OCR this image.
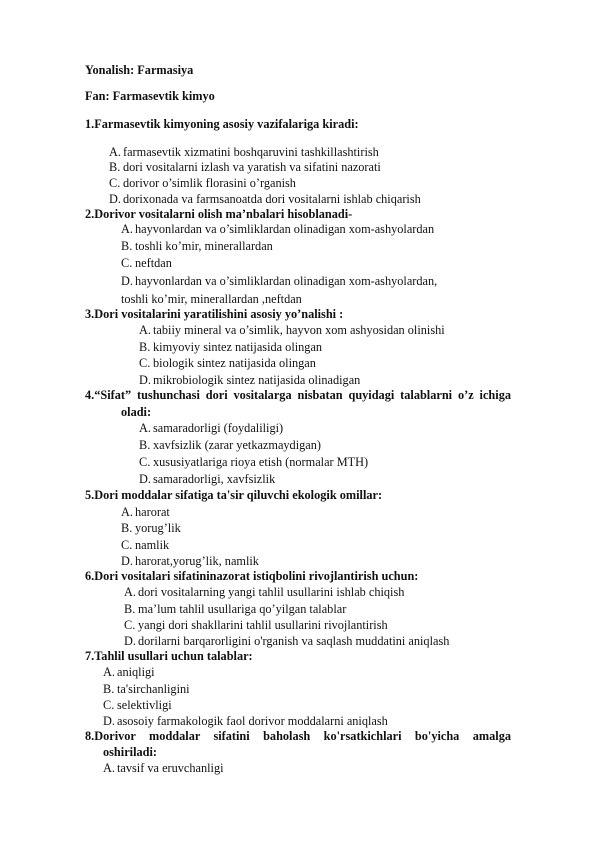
Yonalish: Farmasiya
Fan: Farmasevtik kimyo
1.Farmasevtik kimyoning asosiy vazifalariga kiradi:
A. farmasevtik xizmatini boshqaruvini tashkillashtirish
B. dori vositalarni izlash va yaratish va sifatini nazorati
C. dorivor o’simlik florasini o’rganish
D. dorixonada va farmsanoatda dori vositalarni ishlab chiqarish
2.Dorivor vositalarni olish ma’nbalari hisoblanadi-
A. hayvonlardan va o’simliklardan olinadigan xom-ashyolardan
B. toshli ko’mir, minerallardan
C. neftdan
D. hayvonlardan va o’simliklardan olinadigan xom-ashyolardan,
toshli ko’mir, minerallardan ,neftdan
3.Dori vositalarini yaratilishini asosiy yo’nalishi :
A. tabiiy mineral va o’simlik, hayvon xom ashyosidan olinishi
B. kimyoviy sintez natijasida olingan
C. biologik sintez natijasida olingan
D. mikrobiologik sintez natijasida olinadigan
4.“Sifat” tushunchasi dori vositalarga nisbatan quyidagi talablarni o’z ichiga
oladi:
A. samaradorligi (foydaliligi)
B. xavfsizlik (zarar yetkazmaydigan)
C. xususiyatlariga rioya etish (normalar MTH)
D. samaradorligi, xavfsizlik
5.Dori moddalar sifatiga ta'sir qiluvchi ekologik omillar:
A. harorat
B. yorug’lik
C. namlik
D. harorat,yorug’lik, namlik
6.Dori vositalari sifatininazorat istiqbolini rivojlantirish uchun:
A. dori vositalarning yangi tahlil usullarini ishlab chiqish
B. ma’lum tahlil usullariga qo’yilgan talablar
C. yangi dori shakllarini tahlil usullarini rivojlantirish
D. dorilarni barqarorligini o'rganish va saqlash muddatini aniqlash
7.Tahlil usullari uchun talablar:
A. aniqligi
B. ta'sirchanligini
C. selektivligi
D. asosoiy farmakologik faol dorivor moddalarni aniqlash
8.Dorivor moddalar sifatini baholash ko'rsatkichlari bo'yicha amalga
oshiriladi:
A. tavsif va eruvchanligi
